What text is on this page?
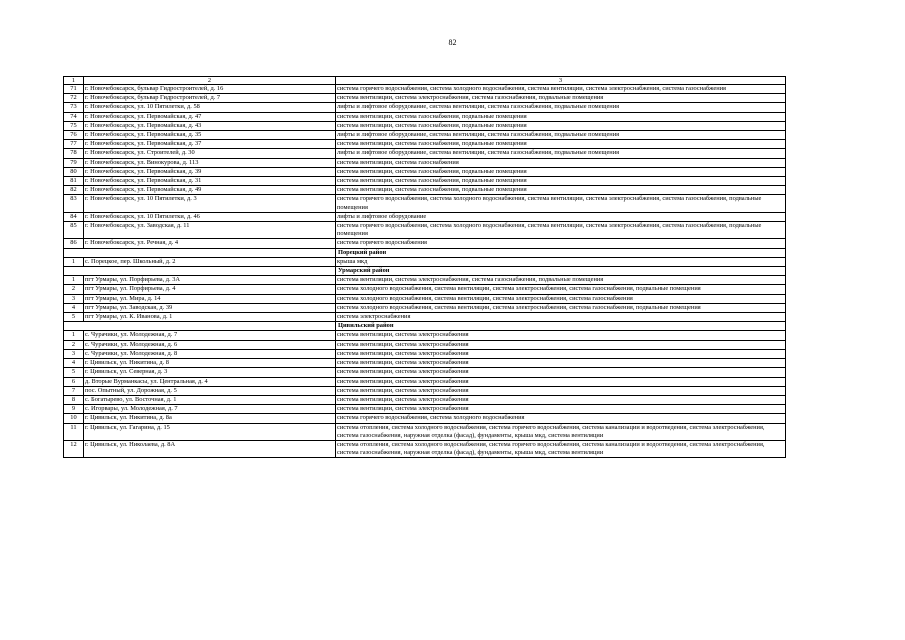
82
1	2	3
71	г. Новочебоксарск, бульвар Гидростроителей, д. 16	система горячего водоснабжения, система холодного водоснабжения, система вентиляции, система электроснабжения, система газоснабжения
72	г. Новочебоксарск, бульвар Гидростроителей, д. 7	система вентиляции, система электроснабжения, система газоснабжения, подвальные помещения
73	г. Новочебоксарск, ул. 10 Пятилетки, д. 58	лифты и лифтовое оборудование, система вентиляции, система газоснабжения, подвальные помещения
74	г. Новочебоксарск, ул. Первомайская, д. 47	система вентиляции, система газоснабжения, подвальные помещения
75	г. Новочебоксарск, ул. Первомайская, д. 43	система вентиляции, система газоснабжения, подвальные помещения
76	г. Новочебоксарск, ул. Первомайская, д. 35	лифты и лифтовое оборудование, система вентиляции, система газоснабжения, подвальные помещения
77	г. Новочебоксарск, ул. Первомайская, д. 37	система вентиляции, система газоснабжения, подвальные помещения
78	г. Новочебоксарск, ул. Строителей, д. 30	лифты и лифтовое оборудование, система вентиляции, система газоснабжения, подвальные помещения
79	г. Новочебоксарск, ул. Винокурова, д. 113	система вентиляции, система газоснабжения
80	г. Новочебоксарск, ул. Первомайская, д. 39	система вентиляции, система газоснабжения, подвальные помещения
81	г. Новочебоксарск, ул. Первомайская, д. 31	система вентиляции, система газоснабжения, подвальные помещения
82	г. Новочебоксарск, ул. Первомайская, д. 49	система вентиляции, система газоснабжения, подвальные помещения
83	г. Новочебоксарск, ул. 10 Пятилетки, д. 3	система горячего водоснабжения, система холодного водоснабжения, система вентиляции, система электроснабжения, система газоснабжения, подвальные помещения
84	г. Новочебоксарск, ул. 10 Пятилетки, д. 46	лифты и лифтовое оборудование
85	г. Новочебоксарск, ул. Заводская, д. 11	система горячего водоснабжения, система холодного водоснабжения, система вентиляции, система электроснабжения, система газоснабжения, подвальные помещения
86	г. Новочебоксарск, ул. Речная, д. 4	система горячего водоснабжения
		Порецкий район
1	с. Порецкое, пер. Школьный, д. 2	крыша мкд
		Урмарский район
1	пгт Урмары, ул. Порфирьева, д. 3А	система вентиляции, система электроснабжения, система газоснабжения, подвальные помещения
2	пгт Урмары, ул. Порфирьева, д. 4	система холодного водоснабжения, система вентиляции, система электроснабжения, система газоснабжения, подвальные помещения
3	пгт Урмары, ул. Мира, д. 14	система холодного водоснабжения, система вентиляции, система электроснабжения, система газоснабжения
4	пгт Урмары, ул. Заводская, д. 39	система холодного водоснабжения, система вентиляции, система электроснабжения, система газоснабжения, подвальные помещения
5	пгт Урмары, ул. К. Иванова, д. 1	система электроснабжения
		Цивильский район
1	с. Чурачики, ул. Молодежная, д. 7	система вентиляции, система электроснабжения
2	с. Чурачики, ул. Молодежная, д. 6	система вентиляции, система электроснабжения
3	с. Чурачики, ул. Молодежная, д. 8	система вентиляции, система электроснабжения
4	г. Цивильск, ул. Никитина, д. 8	система вентиляции, система электроснабжения
5	г. Цивильск, ул. Северная, д. 3	система вентиляции, система электроснабжения
6	д. Вторые Вурманкасы, ул. Центральная, д. 4	система вентиляции, система электроснабжения
7	пос. Опытный, ул. Дорожная, д. 5	система вентиляции, система электроснабжения
8	с. Богатырево, ул. Восточная, д. 1	система вентиляции, система электроснабжения
9	с. Игорвары, ул. Молодежная, д. 7	система вентиляции, система электроснабжения
10	г. Цивильск, ул. Никитина, д. 8а	система горячего водоснабжения, система холодного водоснабжения
11	г. Цивильск, ул. Гагарина, д. 15	система отопления, система холодного водоснабжения, система горячего водоснабжения, система канализации и водоотведения, система электроснабжения, система газоснабжения, наружная отделка (фасад), фундаменты, крыша мкд, система вентиляции
12	г. Цивильск, ул. Николаева, д. 8А	система отопления, система холодного водоснабжения, система горячего водоснабжения, система канализации и водоотведения, система электроснабжения, система газоснабжения, наружная отделка (фасад), фундаменты, крыша мкд, система вентиляции
